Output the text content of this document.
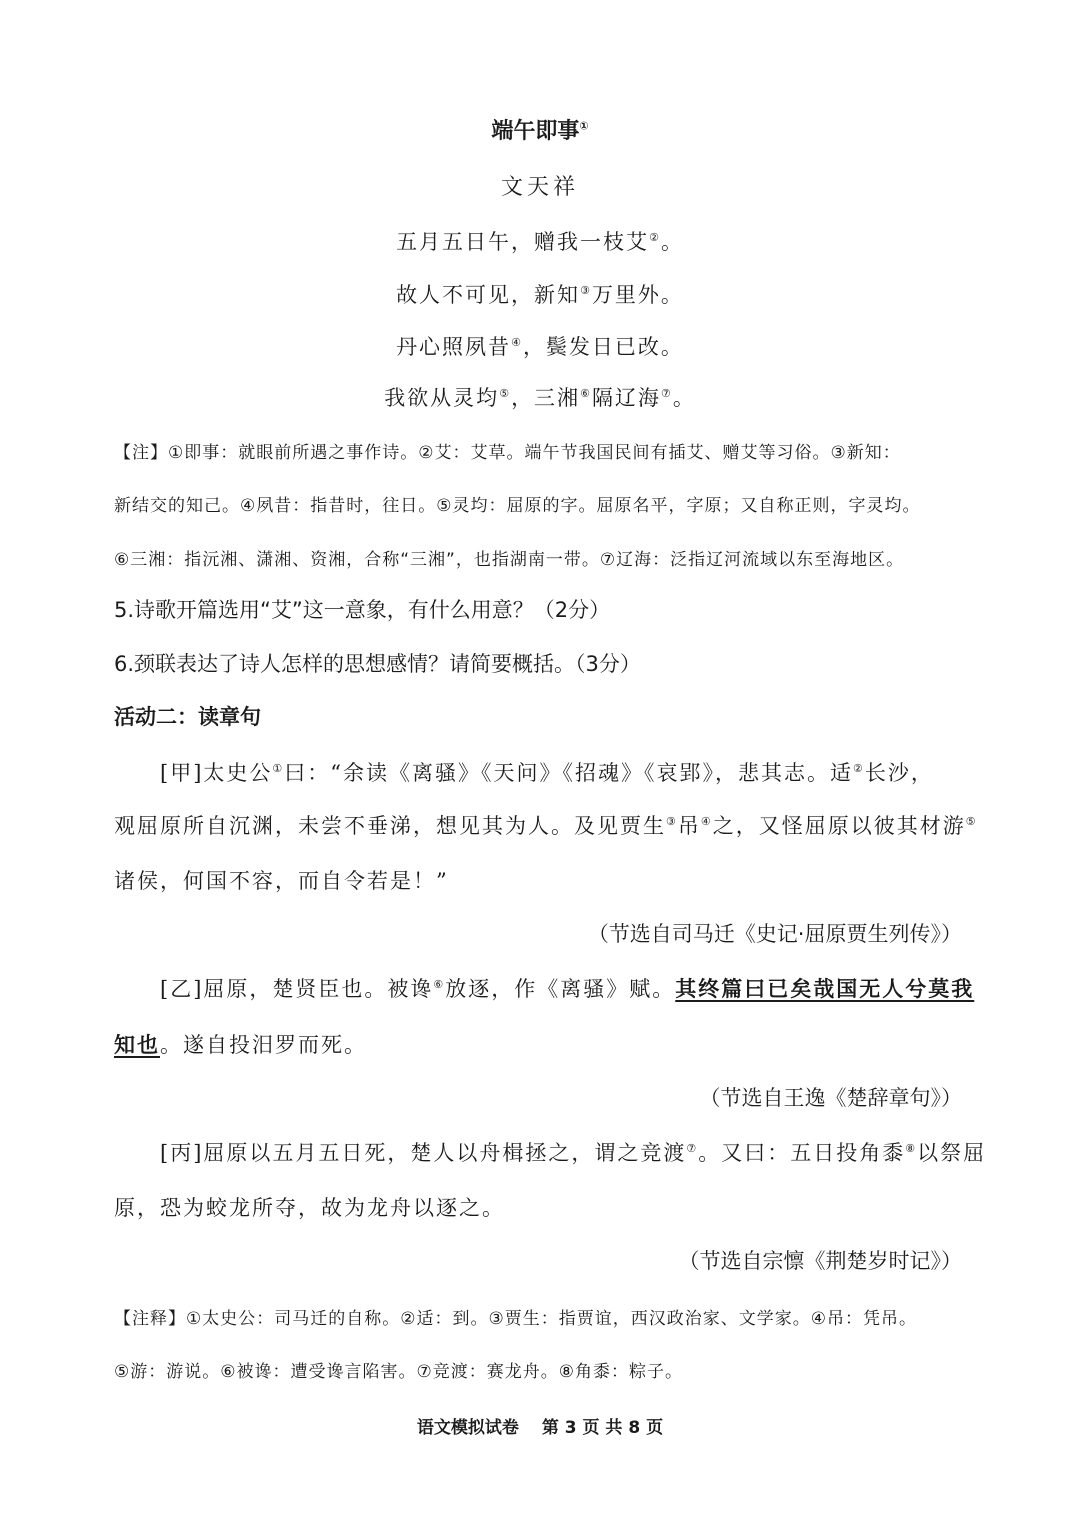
端午即事①
文天祥
五月五日午，赠我一枝艾②。
故人不可见，新知③万里外。
丹心照夙昔④，鬓发日已改。
我欲从灵均⑤，三湘⑥隔辽海⑦。
【注】①即事：就眼前所遇之事作诗。②艾：艾草。端午节我国民间有插艾、赠艾等习俗。③新知：
新结交的知己。④夙昔：指昔时，往日。⑤灵均：屈原的字。屈原名平，字原；又自称正则，字灵均。
⑥三湘：指沅湘、潇湘、资湘，合称“三湘”，也指湖南一带。⑦辽海：泛指辽河流域以东至海地区。
5.诗歌开篇选用“艾”这一意象，有什么用意？（2分）
6.颈联表达了诗人怎样的思想感情？请简要概括。（3分）
活动二：读章句
[甲]太史公①曰：“余读《离骚》《天问》《招魂》《哀郢》，悲其志。适②长沙，
观屈原所自沉渊，未尝不垂涕，想见其为人。及见贾生③吊④之，又怪屈原以彼其材游⑤
诸侯，何国不容，而自令若是！”
（节选自司马迁《史记·屈原贾生列传》）
[乙]屈原，楚贤臣也。被谗⑥放逐，作《离骚》赋。其终篇曰已矣哉国无人兮莫我
知也。遂自投汨罗而死。
（节选自王逸《楚辞章句》）
[丙]屈原以五月五日死，楚人以舟楫拯之，谓之竞渡⑦。又曰：五日投角黍⑧以祭屈
原，恐为蛟龙所夺，故为龙舟以逐之。
（节选自宗懔《荆楚岁时记》）
【注释】①太史公：司马迁的自称。②适：到。③贾生：指贾谊，西汉政治家、文学家。④吊：凭吊。
⑤游：游说。⑥被谗：遭受谗言陷害。⑦竞渡：赛龙舟。⑧角黍：粽子。
语文模拟试卷　 第 3 页 共 8 页
